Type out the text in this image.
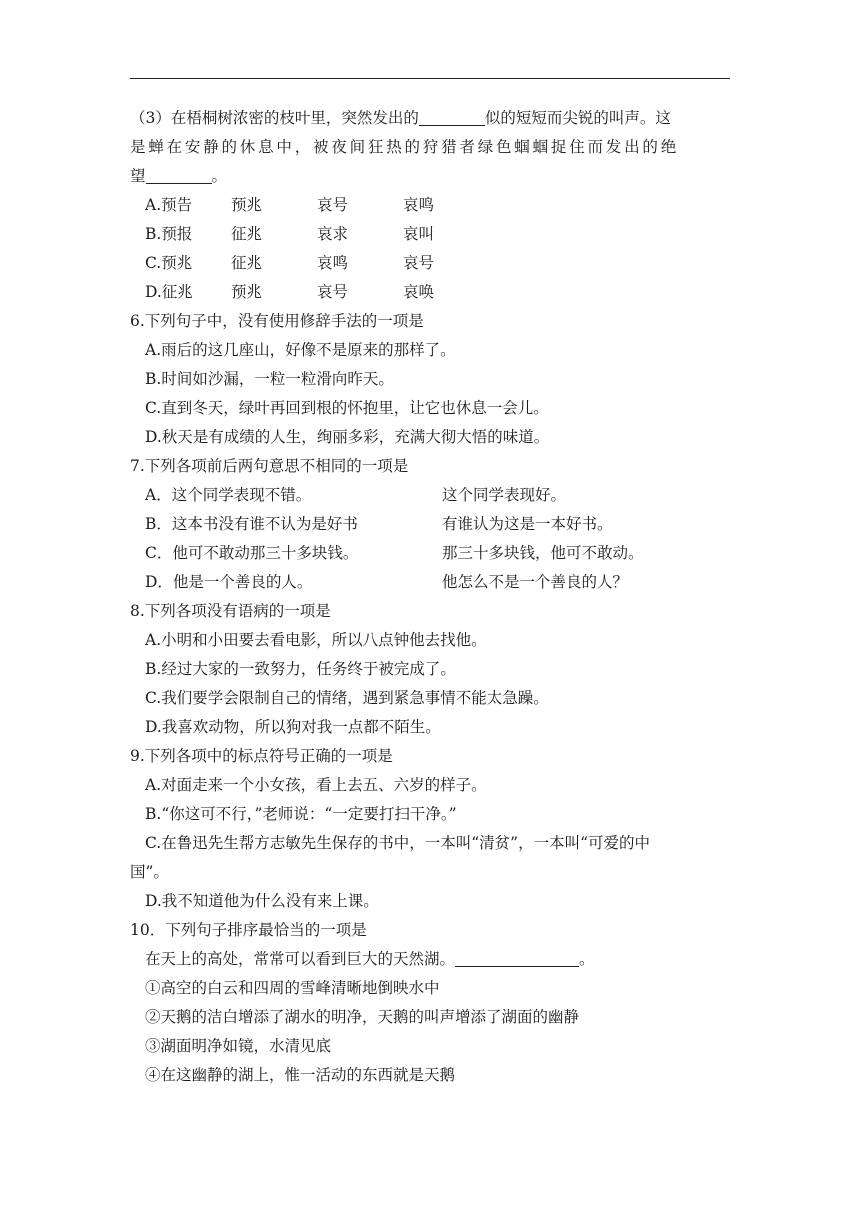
（3）在梧桐树浓密的枝叶里，突然发出的	似的短短而尖锐的叫声。这
是蝉在安静的休息中，被夜间狂热的狩猎者绿色蝈蝈捉住而发出的绝
望	。
A.预告	预兆	哀号	哀鸣
B.预报	征兆	哀求	哀叫
C.预兆	征兆	哀鸣	哀号
D.征兆	预兆	哀号	哀唤
6.下列句子中，没有使用修辞手法的一项是
A.雨后的这几座山，好像不是原来的那样了。
B.时间如沙漏，一粒一粒滑向昨天。
C.直到冬天，绿叶再回到根的怀抱里，让它也休息一会儿。
D.秋天是有成绩的人生，绚丽多彩，充满大彻大悟的味道。
7.下列各项前后两句意思不相同的一项是
A．这个同学表现不错。	这个同学表现好。
B．这本书没有谁不认为是好书	有谁认为这是一本好书。
C．他可不敢动那三十多块钱。	那三十多块钱，他可不敢动。
D．他是一个善良的人。	他怎么不是一个善良的人？
8.下列各项没有语病的一项是
A.小明和小田要去看电影，所以八点钟他去找他。
B.经过大家的一致努力，任务终于被完成了。
C.我们要学会限制自己的情绪，遇到紧急事情不能太急躁。
D.我喜欢动物，所以狗对我一点都不陌生。
9.下列各项中的标点符号正确的一项是
A.对面走来一个小女孩，看上去五、六岁的样子。
B.“你这可不行，”老师说：“一定要打扫干净。”
C.在鲁迅先生帮方志敏先生保存的书中，一本叫“清贫”，一本叫“可爱的中
国”。
D.我不知道他为什么没有来上课。
10．下列句子排序最恰当的一项是
在天上的高处，常常可以看到巨大的天然湖。	。
①高空的白云和四周的雪峰清晰地倒映水中
②天鹅的洁白增添了湖水的明净，天鹅的叫声增添了湖面的幽静
③湖面明净如镜，水清见底
④在这幽静的湖上，惟一活动的东西就是天鹅
